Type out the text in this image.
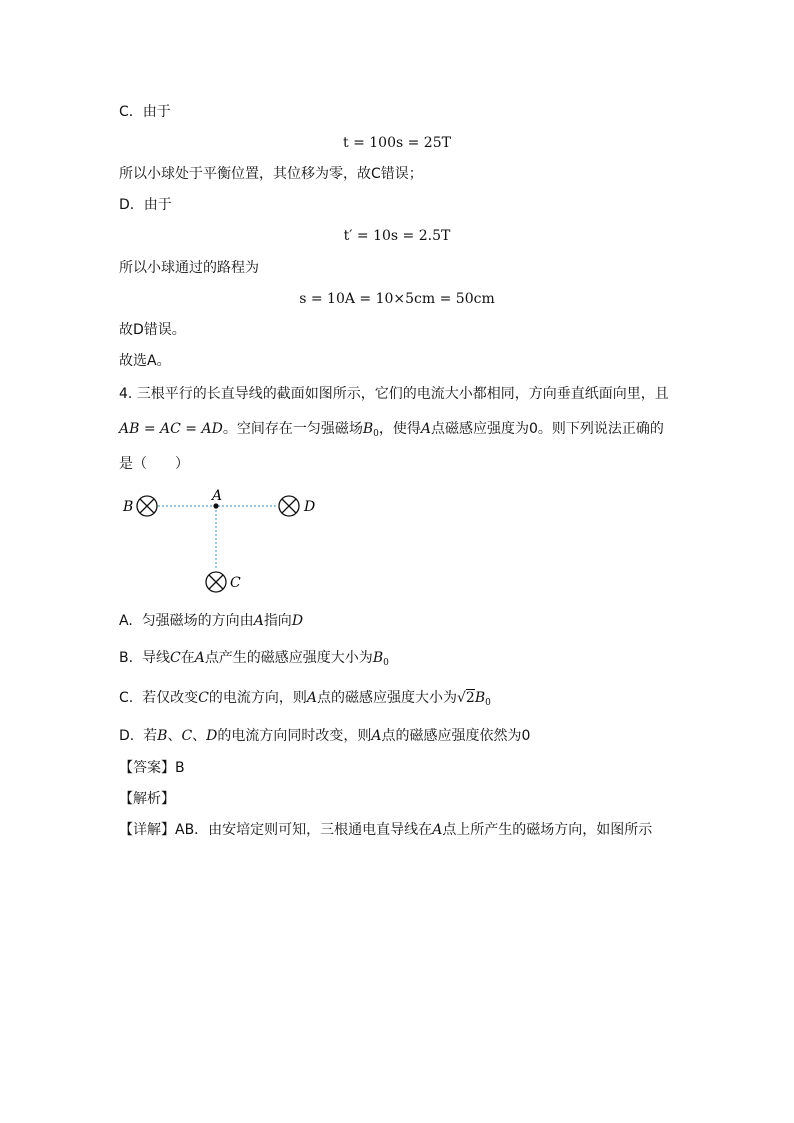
C．由于
t = 100s = 25T
所以小球处于平衡位置，其位移为零，故C错误；
D．由于
t′ = 10s = 2.5T
所以小球通过的路程为
s = 10A = 10×5cm = 50cm
故D错误。
故选A。
4. 三根平行的长直导线的截面如图所示，它们的电流大小都相同，方向垂直纸面向里，且
AB = AC = AD。空间存在一匀强磁场$B_0$，使得A点磁感应强度为0。则下列说法正确的
是（　　）
A
B	D
C
A. 匀强磁场的方向由A指向D
B. 导线C在A点产生的磁感应强度大小为$B_0$
C. 若仅改变C的电流方向，则A点的磁感应强度大小为$√2B_0$
D. 若B、C、D的电流方向同时改变，则A点的磁感应强度依然为0
【答案】B
【解析】
【详解】AB．由安培定则可知，三根通电直导线在A点上所产生的磁场方向，如图所示
